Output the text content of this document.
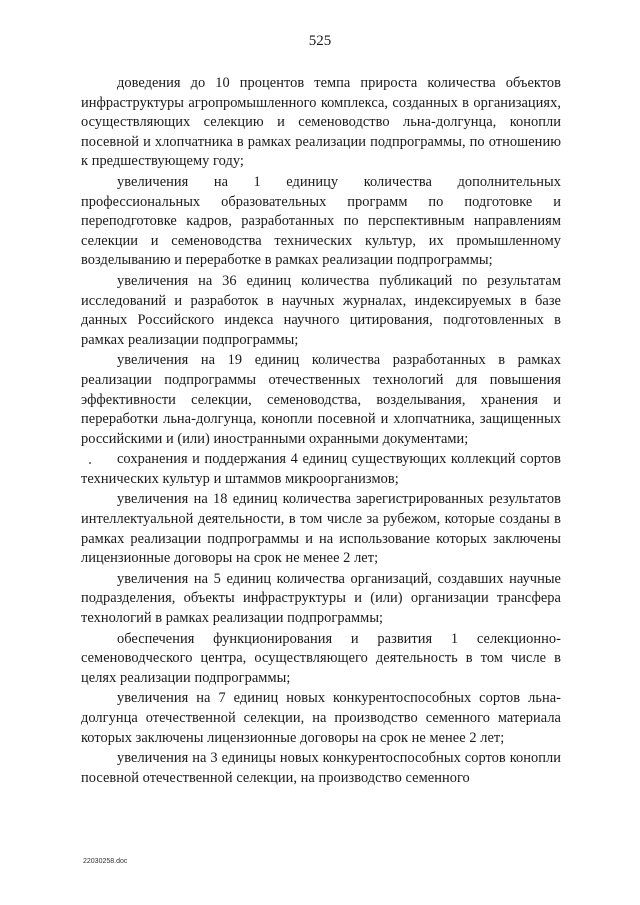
525

доведения до 10 процентов темпа прироста количества объектов инфраструктуры агропромышленного комплекса, созданных в организациях, осуществляющих селекцию и семеноводство льна-долгунца, конопли посевной и хлопчатника в рамках реализации подпрограммы, по отношению к предшествующему году;

увеличения на 1 единицу количества дополнительных профессиональных образовательных программ по подготовке и переподготовке кадров, разработанных по перспективным направлениям селекции и семеноводства технических культур, их промышленному возделыванию и переработке в рамках реализации подпрограммы;

увеличения на 36 единиц количества публикаций по результатам исследований и разработок в научных журналах, индексируемых в базе данных Российского индекса научного цитирования, подготовленных в рамках реализации подпрограммы;

увеличения на 19 единиц количества разработанных в рамках реализации подпрограммы отечественных технологий для повышения эффективности селекции, семеноводства, возделывания, хранения и переработки льна-долгунца, конопли посевной и хлопчатника, защищенных российскими и (или) иностранными охранными документами;

сохранения и поддержания 4 единиц существующих коллекций сортов технических культур и штаммов микроорганизмов;

увеличения на 18 единиц количества зарегистрированных результатов интеллектуальной деятельности, в том числе за рубежом, которые созданы в рамках реализации подпрограммы и на использование которых заключены лицензионные договоры на срок не менее 2 лет;

увеличения на 5 единиц количества организаций, создавших научные подразделения, объекты инфраструктуры и (или) организации трансфера технологий в рамках реализации подпрограммы;

обеспечения функционирования и развития 1 селекционно-семеноводческого центра, осуществляющего деятельность в том числе в целях реализации подпрограммы;

увеличения на 7 единиц новых конкурентоспособных сортов льна-долгунца отечественной селекции, на производство семенного материала которых заключены лицензионные договоры на срок не менее 2 лет;

увеличения на 3 единицы новых конкурентоспособных сортов конопли посевной отечественной селекции, на производство семенного

22030258.doc
